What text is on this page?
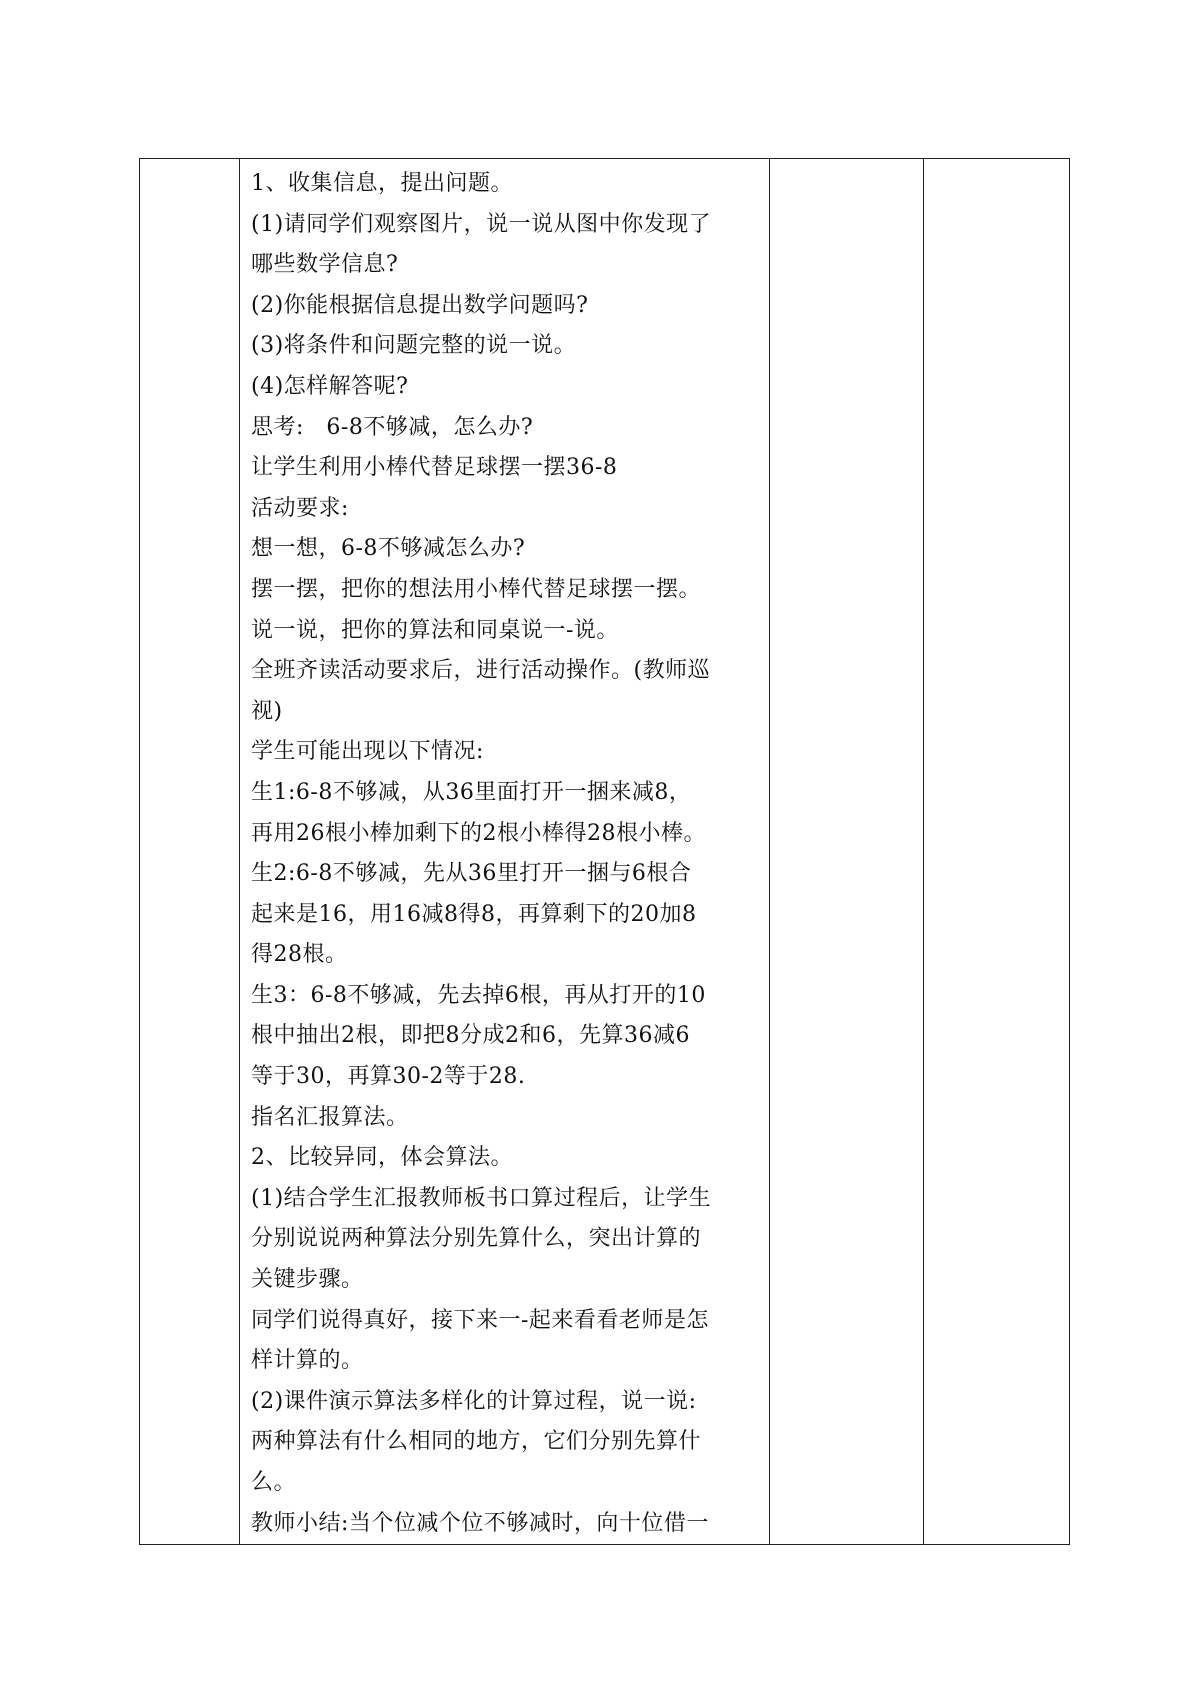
1、收集信息，提出问题。
(1)请同学们观察图片，说一说从图中你发现了
哪些数学信息?
(2)你能根据信息提出数学问题吗?
(3)将条件和问题完整的说一说。
(4)怎样解答呢?
思考:　6-8不够减，怎么办?
让学生利用小棒代替足球摆一摆36-8
活动要求:
想一想，6-8不够减怎么办?
摆一摆，把你的想法用小棒代替足球摆一摆。
说一说，把你的算法和同桌说一-说。
全班齐读活动要求后，进行活动操作。(教师巡
视)
学生可能出现以下情况:
生1:6-8不够减，从36里面打开一捆来减8，
再用26根小棒加剩下的2根小棒得28根小棒。
生2:6-8不够减，先从36里打开一捆与6根合
起来是16，用16减8得8，再算剩下的20加8
得28根。
生3：6-8不够减，先去掉6根，再从打开的10
根中抽出2根，即把8分成2和6，先算36减6
等于30，再算30-2等于28.
指名汇报算法。
2、比较异同，体会算法。
(1)结合学生汇报教师板书口算过程后，让学生
分别说说两种算法分别先算什么，突出计算的
关键步骤。
同学们说得真好，接下来一-起来看看老师是怎
样计算的。
(2)课件演示算法多样化的计算过程，说一说:
两种算法有什么相同的地方，它们分别先算什
么。
教师小结:当个位减个位不够减时，向十位借一
